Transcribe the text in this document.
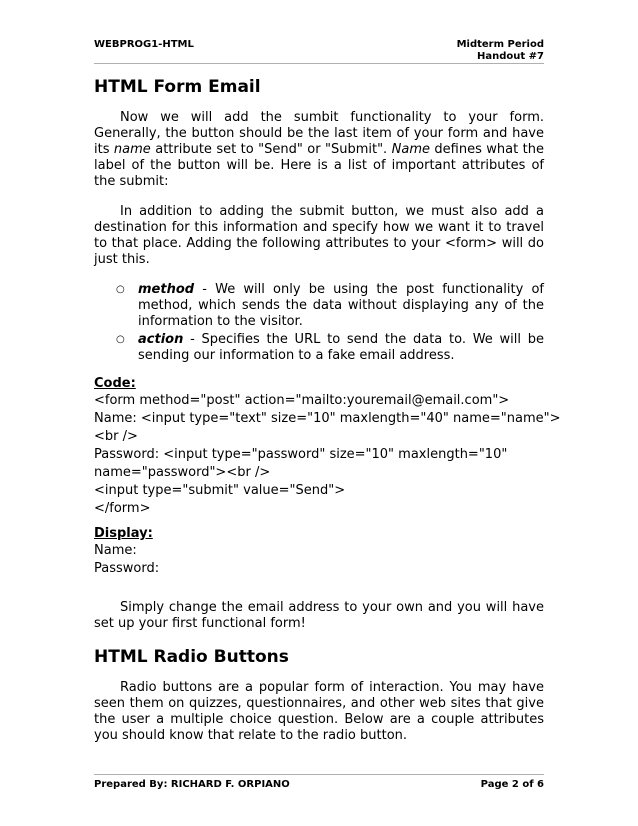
WEBPROG1-HTML	Midterm Period
Handout #7
HTML Form Email

Now we will add the sumbit functionality to your form. Generally, the button should be the last item of your form and have its name attribute set to "Send" or "Submit". Name defines what the label of the button will be. Here is a list of important attributes of the submit:

In addition to adding the submit button, we must also add a destination for this information and specify how we want it to travel to that place. Adding the following attributes to your <form> will do just this.

○ method - We will only be using the post functionality of method, which sends the data without displaying any of the information to the visitor.
○ action - Specifies the URL to send the data to. We will be sending our information to a fake email address.
Code:
<form method="post" action="mailto:youremail@email.com">
Name: <input type="text" size="10" maxlength="40" name="name">
<br />
Password: <input type="password" size="10" maxlength="10"
name="password"><br />
<input type="submit" value="Send">
</form>
Display:
Name:
Password:

Simply change the email address to your own and you will have set up your first functional form!

HTML Radio Buttons

Radio buttons are a popular form of interaction. You may have seen them on quizzes, questionnaires, and other web sites that give the user a multiple choice question. Below are a couple attributes you should know that relate to the radio button.

Prepared By: RICHARD F. ORPIANO	Page 2 of 6
